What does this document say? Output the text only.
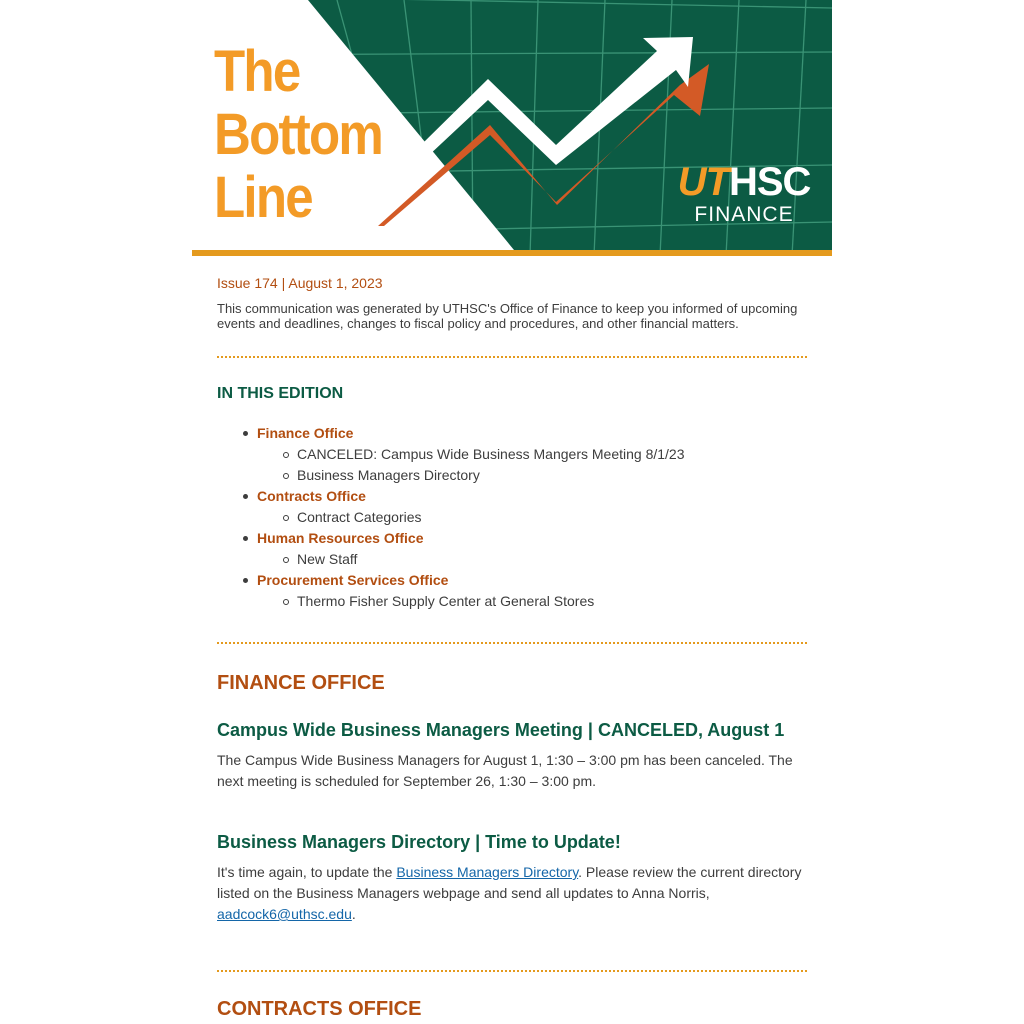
The
Bottom
Line	UTHSC
FINANCE

Issue 174 | August 1, 2023

This communication was generated by UTHSC's Office of Finance to keep you informed of upcoming events and deadlines, changes to fiscal policy and procedures, and other financial matters.

IN THIS EDITION
Finance Office
CANCELED: Campus Wide Business Mangers Meeting 8/1/23
Business Managers Directory
Contracts Office
Contract Categories
Human Resources Office
New Staff
Procurement Services Office
Thermo Fisher Supply Center at General Stores
FINANCE OFFICE
Campus Wide Business Managers Meeting | CANCELED, August 1

The Campus Wide Business Managers for August 1, 1:30 – 3:00 pm has been canceled. The next meeting is scheduled for September 26, 1:30 – 3:00 pm.

Business Managers Directory | Time to Update!

It's time again, to update the Business Managers Directory. Please review the current directory listed on the Business Managers webpage and send all updates to Anna Norris, aadcock6@uthsc.edu.

CONTRACTS OFFICE
